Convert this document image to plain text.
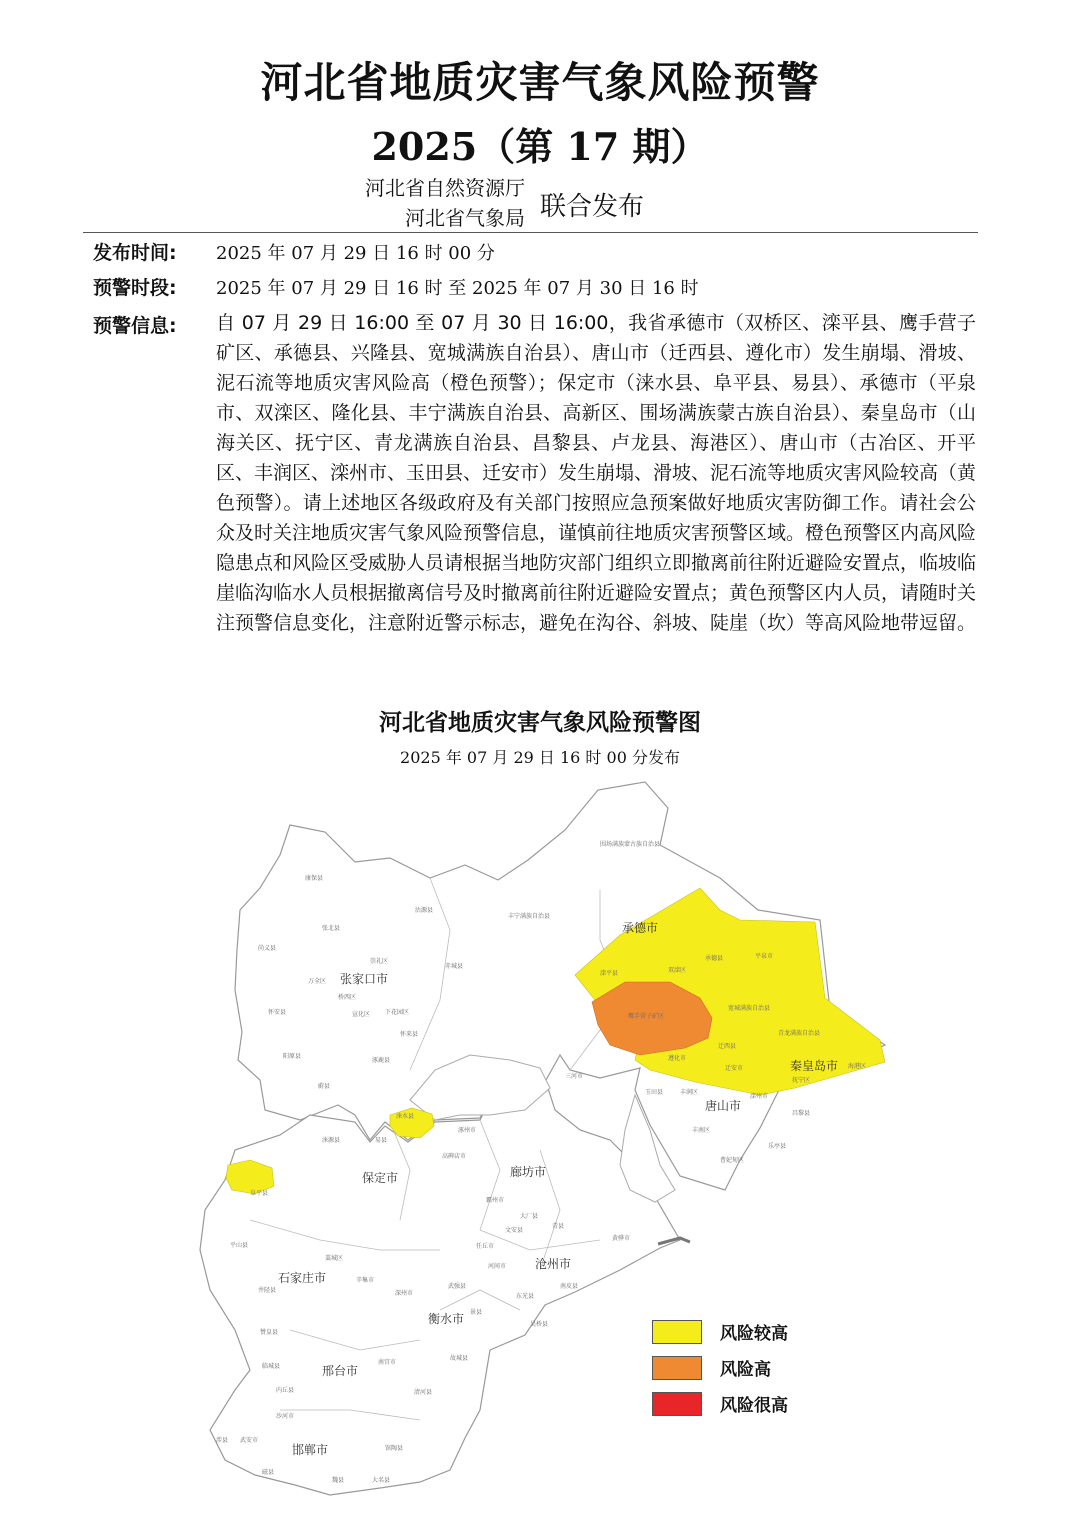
河北省地质灾害气象风险预警
2025（第 17 期）
河北省自然资源厅
河北省气象局 联合发布
发布时间: 2025 年 07 月 29 日 16 时 00 分
预警时段: 2025 年 07 月 29 日 16 时 至 2025 年 07 月 30 日 16 时
预警信息: 自 07 月 29 日 16:00 至 07 月 30 日 16:00，我省承德市（双桥区、滦平县、鹰手营子矿区、承德县、兴隆县、宽城满族自治县）、唐山市（迁西县、遵化市）发生崩塌、滑坡、泥石流等地质灾害风险高（橙色预警）；保定市（涞水县、阜平县、易县）、承德市（平泉市、双滦区、隆化县、丰宁满族自治县、高新区、围场满族蒙古族自治县）、秦皇岛市（山海关区、抚宁区、青龙满族自治县、昌黎县、卢龙县、海港区）、唐山市（古冶区、开平区、丰润区、滦州市、玉田县、迁安市）发生崩塌、滑坡、泥石流等地质灾害风险较高（黄色预警）。请上述地区各级政府及有关部门按照应急预案做好地质灾害防御工作。请社会公众及时关注地质灾害气象风险预警信息，谨慎前往地质灾害预警区域。橙色预警区内高风险隐患点和风险区受威胁人员请根据当地防灾部门组织立即撤离前往附近避险安置点，临坡临崖临沟临水人员根据撤离信号及时撤离前往附近避险安置点；黄色预警区内人员，请随时关注预警信息变化，注意附近警示标志，避免在沟谷、斜坡、陡崖（坎）等高风险地带逗留。

河北省地质灾害气象风险预警图
2025 年 07 月 29 日 16 时 00 分发布
承德市
张家口市
秦皇岛市
唐山市
保定市	廊坊市
沧州市
石家庄市
衡水市
邢台市
邯郸市
围场满族蒙古族自治县
丰宁满族自治县
康保县
沽源县
张北县
尚义县
赤城县
崇礼区
万全区
桥西区
宣化区 下花园区
怀安县
阳原县
蔚县
涿鹿县
怀来县
滦平县	双滦区
承德县	平泉市
鹰手营子矿区
宽城满族自治县
青龙满族自治县
迁西县
遵化市
迁安市
抚宁区
海港区
三河市
玉田县	丰润区
滦州市
昌黎县
乐亭县
曹妃甸区
丰南区
涞水县
阜平县
涞源县
涿州市
易县
高碑店市
霸州市
大厂县
文安县
青县
黄骅市
任丘市
河间市
平山县
井陉县
赞皇县
藁城区
辛集市
深州市
武强县
东光县
南皮县
吴桥县
景县
故城县
临城县
内丘县
沙河市
南宫市
清河县
武安市
涉县
磁县
大名县
魏县
馆陶县
风险较高
风险高
风险很高
